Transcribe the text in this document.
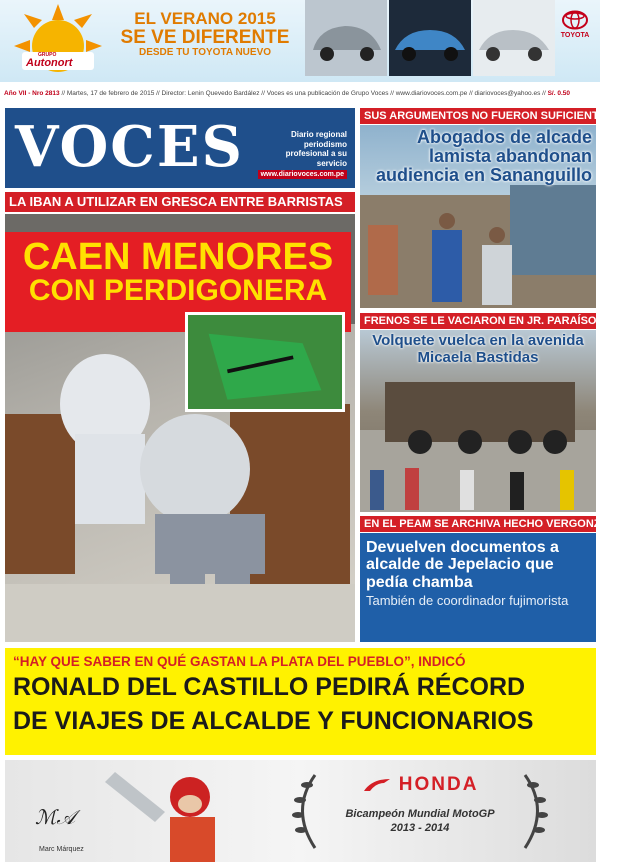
GRUPO
Autonort
EL VERANO 2015
SE VE DIFERENTE
DESDE TU TOYOTA NUEVO
TOYOTA
Año VII - Nro 2813 // Martes, 17 de febrero de 2015 // Director: Lenin Quevedo Bardález // Voces es una publicación de Grupo Voces // www.diariovoces.com.pe // diariovoces@yahoo.es // S/. 0.50
VOCES	Diario regional periodismo profesional a su servicio
www.diariovoces.com.pe
LA IBAN A UTILIZAR EN GRESCA ENTRE BARRISTAS
CAEN MENORES
CON PERDIGONERA
SUS ARGUMENTOS NO FUERON SUFICIENTES
Abogados de alcade lamista abandonan audiencia en Sananguillo
FRENOS SE LE VACIARON EN JR. PARAÍSO
Volquete vuelca en la avenida Micaela Bastidas
EN EL PEAM SE ARCHIVA HECHO VERGONZOSO
Devuelven documentos a alcalde de Jepelacio que pedía chamba
También de coordinador fujimorista
“HAY QUE SABER EN QUÉ GASTAN LA PLATA DEL PUEBLO”, INDICÓ
RONALD DEL CASTILLO PEDIRÁ RÉCORD
DE VIAJES DE ALCALDE Y FUNCIONARIOS
ℳ𝒜
Marc Márquez
HONDA
Bicampeón Mundial MotoGP
2013 - 2014
